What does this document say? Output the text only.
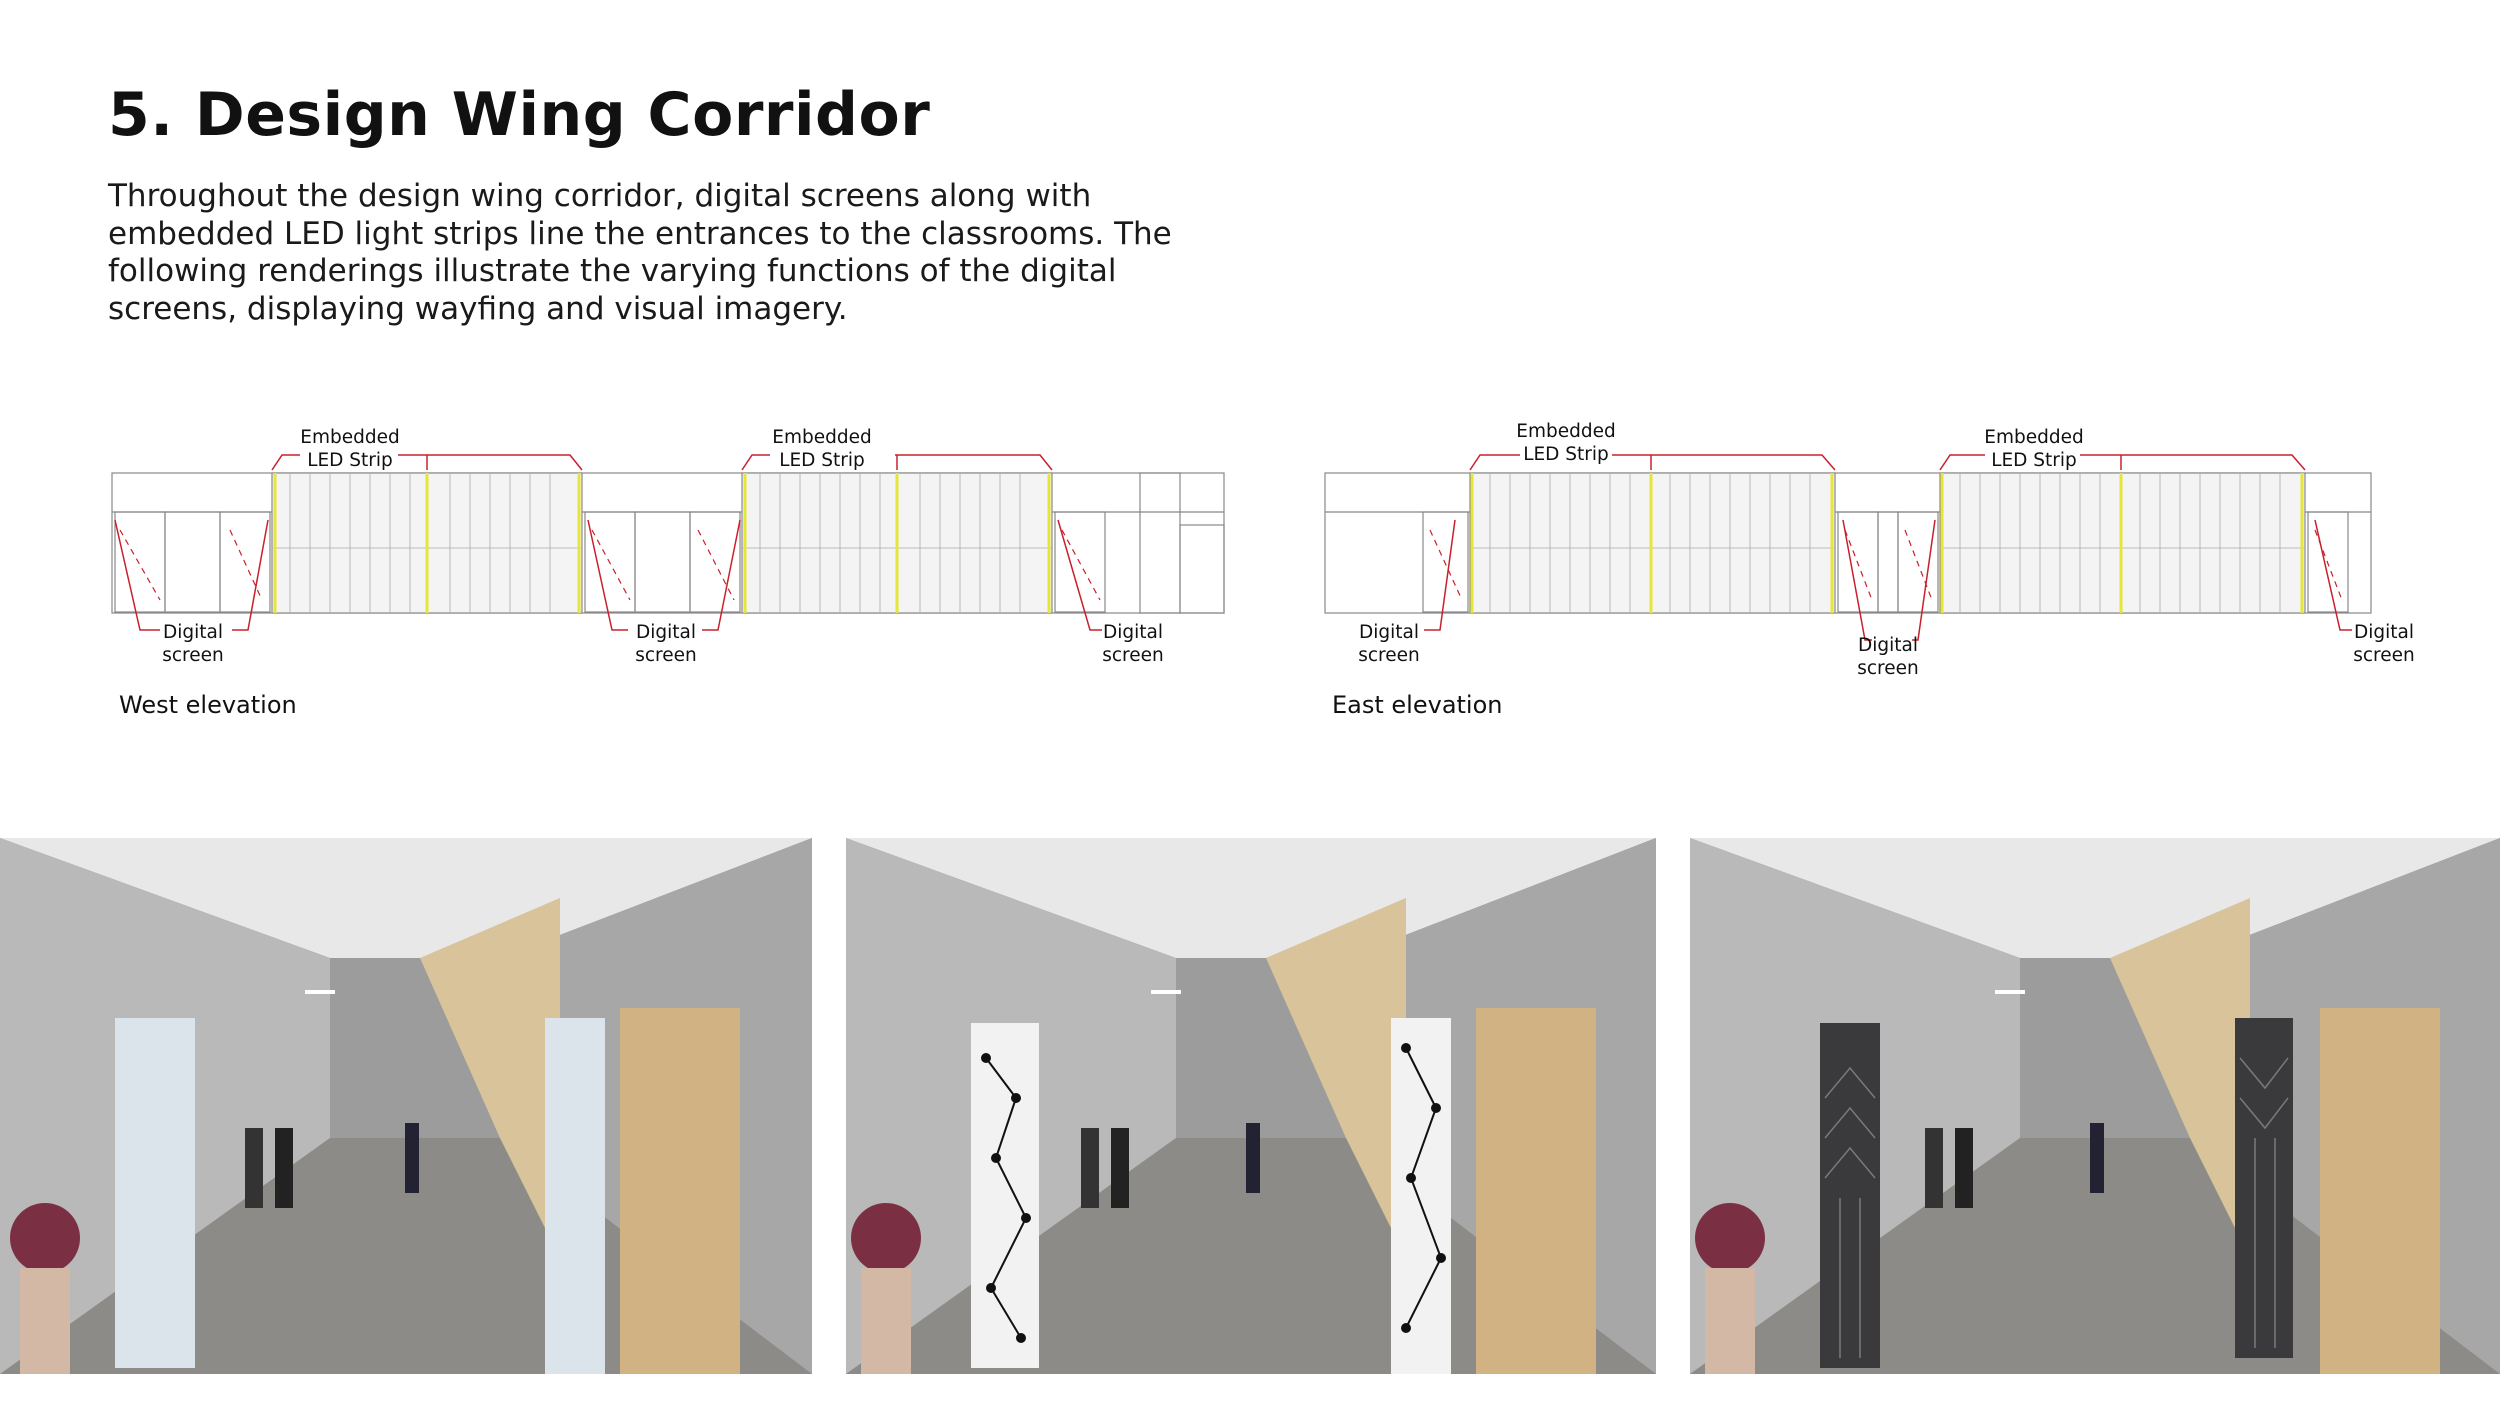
5. Design Wing Corridor

Throughout the design wing corridor, digital screens along with embedded LED light strips line the entrances to the classrooms. The following renderings illustrate the varying functions of the digital screens, displaying wayfing and visual imagery.

Embedded
LED Strip
Embedded
LED Strip
Digital
screen
Digital
screen
Digital
screen
Embedded
LED Strip
Embedded
LED Strip
Digital
screen	Digital
screen
Digital
screen
West elevation	East elevation
